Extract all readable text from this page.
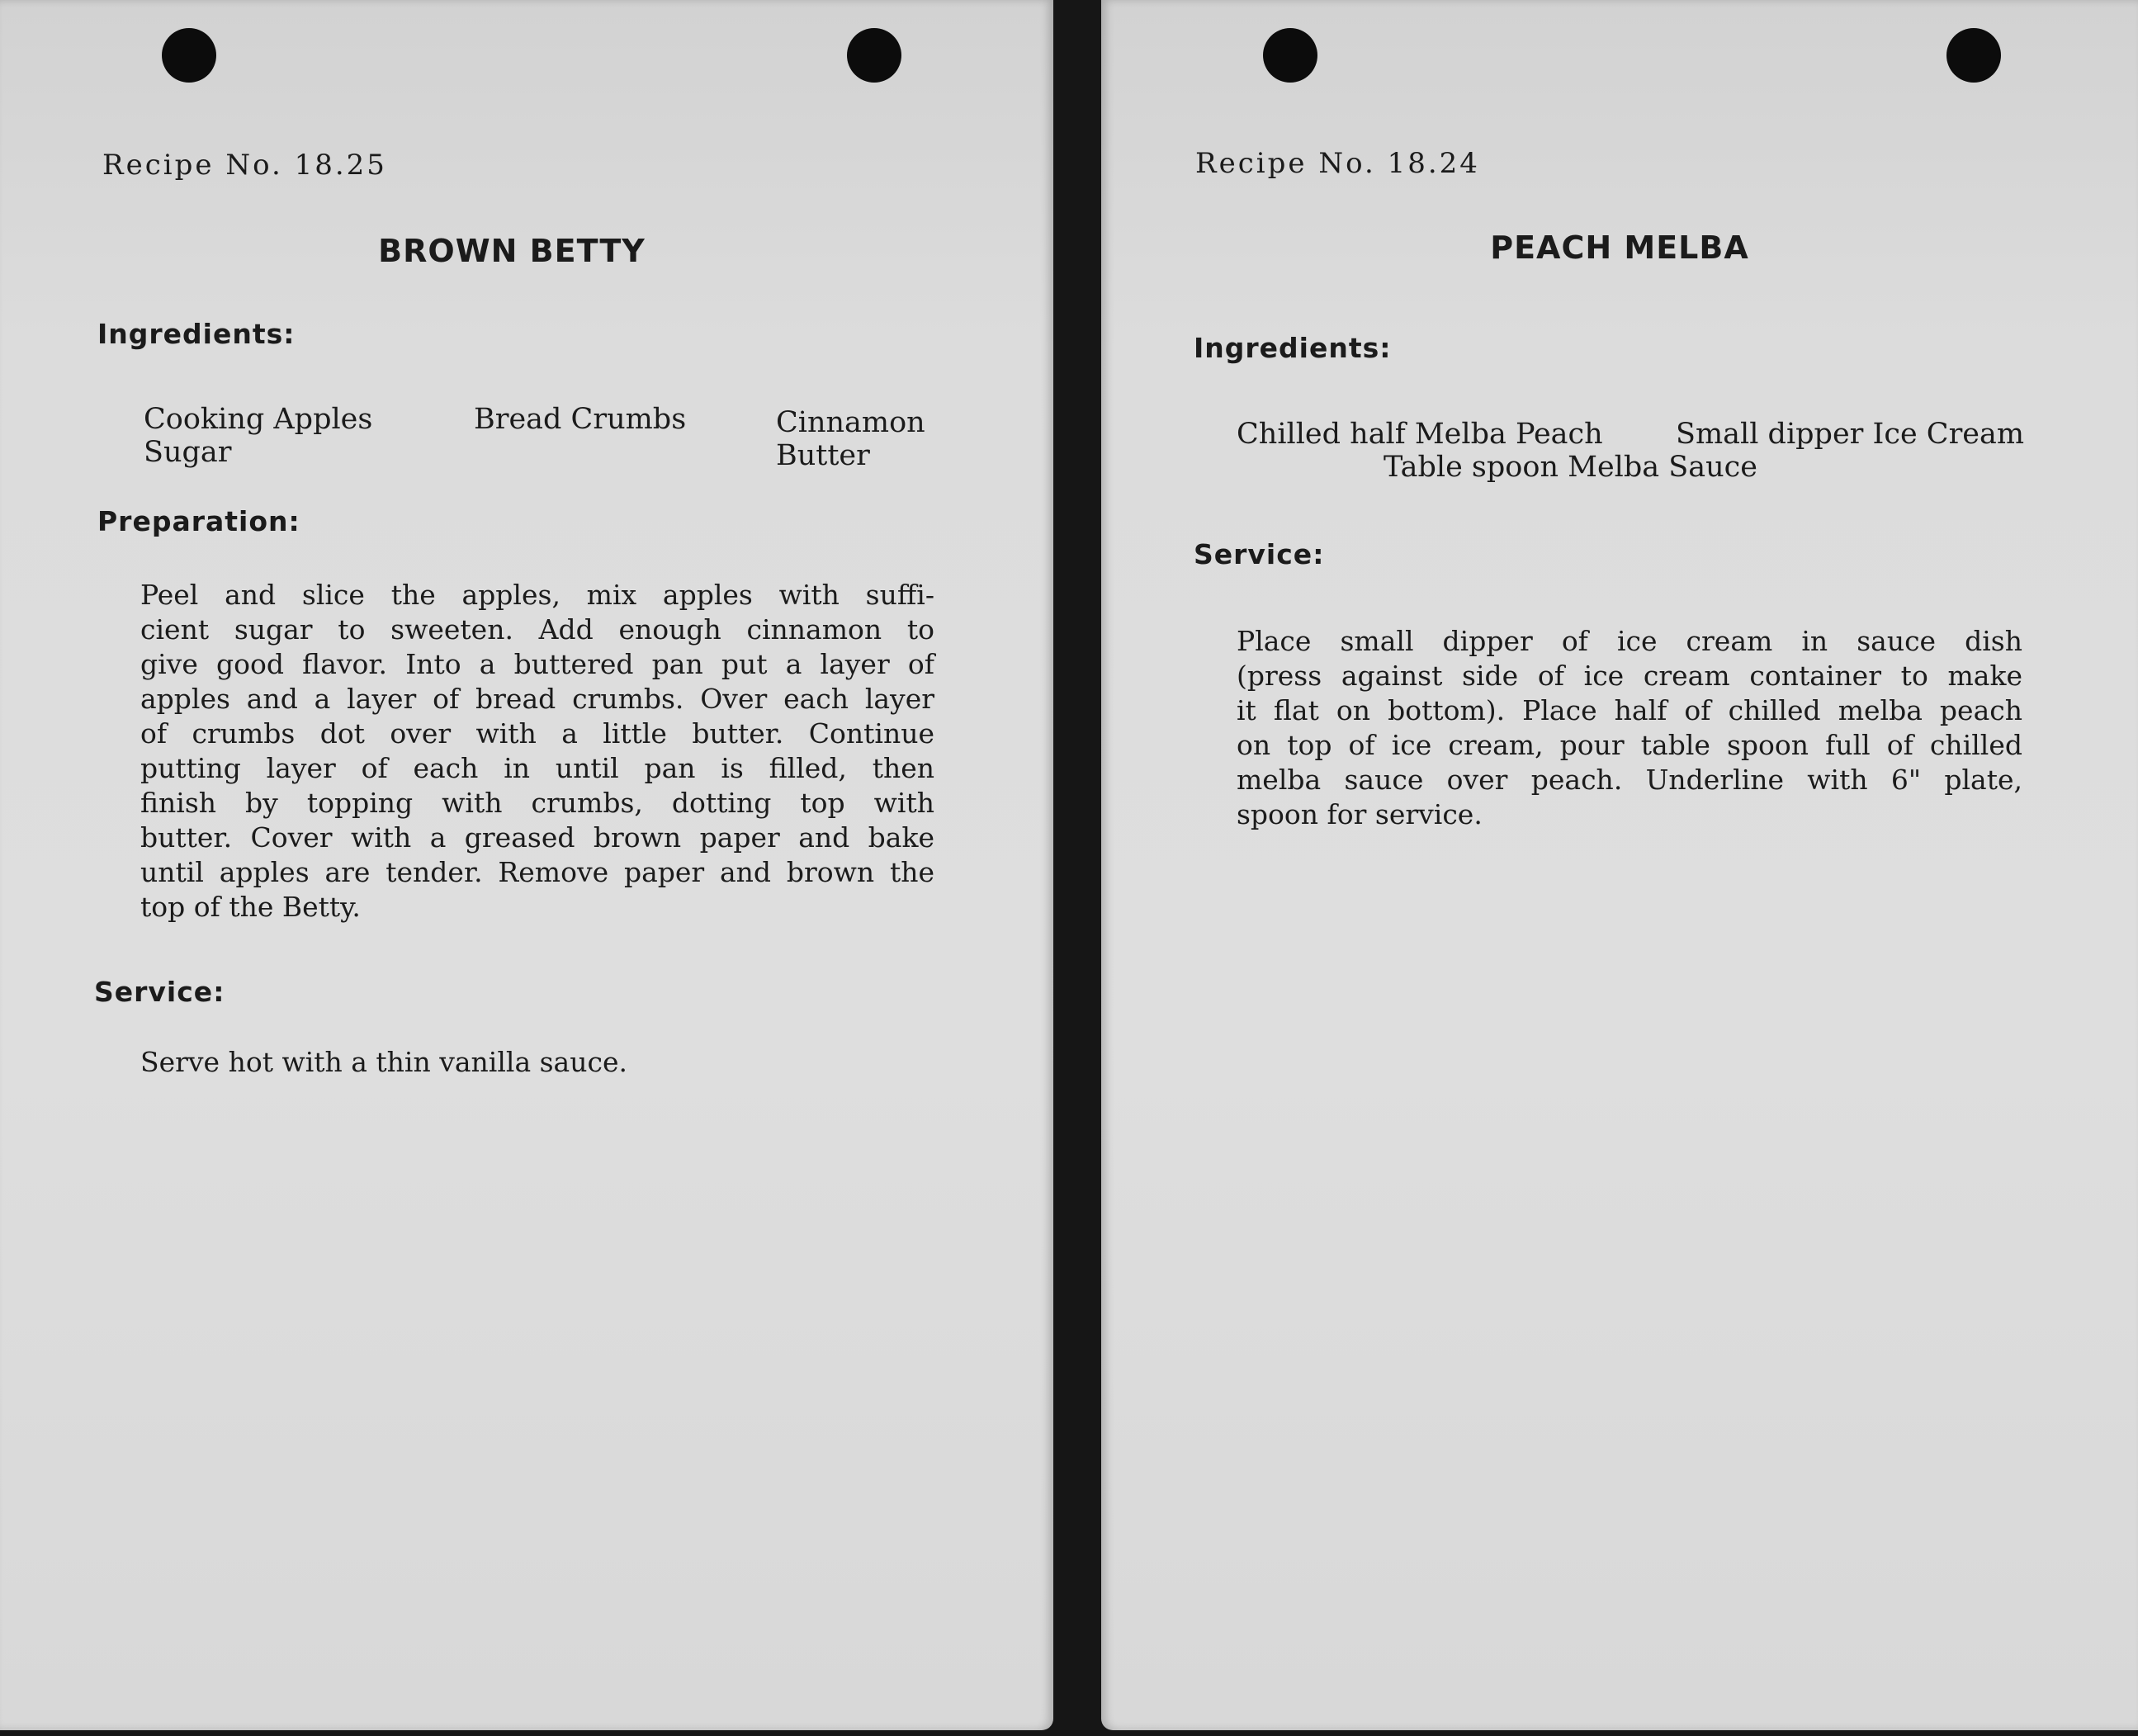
Recipe No. 18.25
BROWN BETTY
Ingredients:
Cooking Apples
Sugar
Bread Crumbs	Cinnamon
Butter
Preparation:
Peel and slice the apples, mix apples with suffi-
cient sugar to sweeten. Add enough cinnamon to
give good flavor. Into a buttered pan put a layer of
apples and a layer of bread crumbs. Over each layer
of crumbs dot over with a little butter. Continue
putting layer of each in until pan is filled, then
finish by topping with crumbs, dotting top with
butter. Cover with a greased brown paper and bake
until apples are tender. Remove paper and brown the
top of the Betty.
Service:
Serve hot with a thin vanilla sauce.
Recipe No. 18.24
PEACH MELBA
Ingredients:
Chilled half Melba Peach	Small dipper Ice Cream
Table spoon Melba Sauce
Service:
Place small dipper of ice cream in sauce dish
(press against side of ice cream container to make
it flat on bottom). Place half of chilled melba peach
on top of ice cream, pour table spoon full of chilled
melba sauce over peach. Underline with 6" plate,
spoon for service.
